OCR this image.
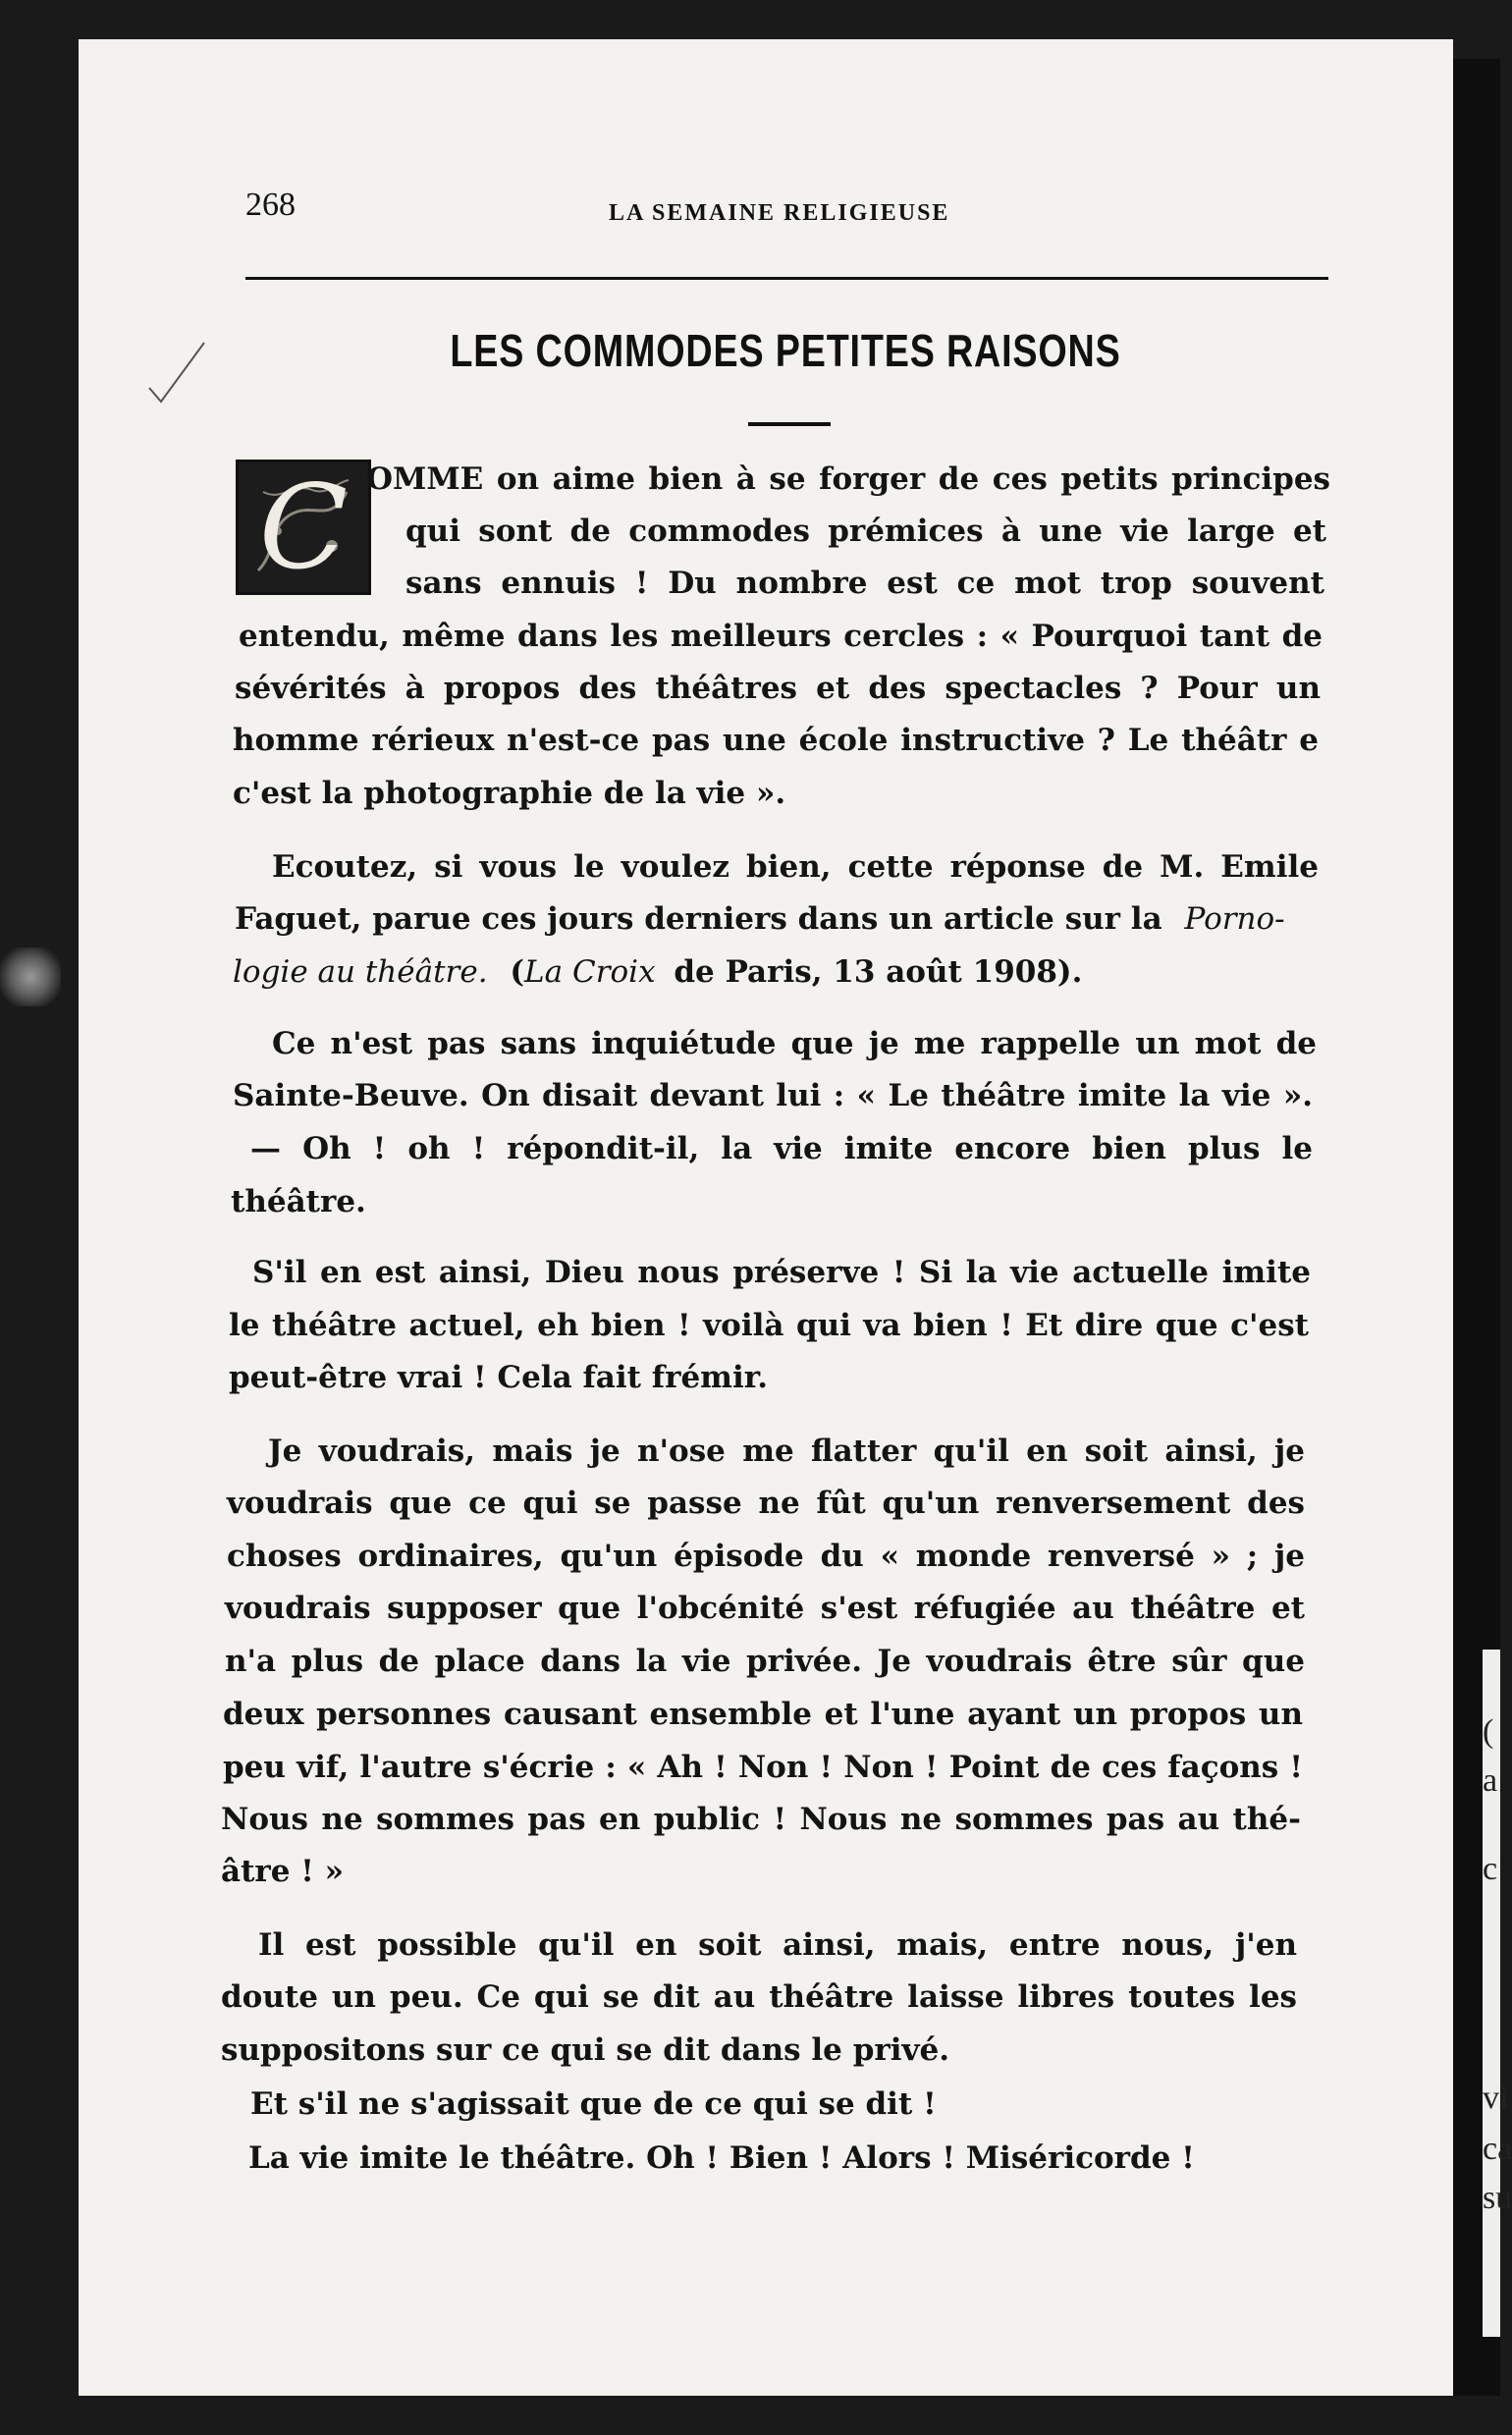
268	LA SEMAINE RELIGIEUSE
LES COMMODES PETITES RAISONS
C OMME on aime bien à se forger de ces petits principes
qui sont de commodes prémices à une vie large et
sans ennuis ! Du nombre est ce mot trop souvent
entendu, même dans les meilleurs cercles : « Pourquoi tant de
sévérités à propos des théâtres et des spectacles ? Pour un
homme rérieux n'est-ce pas une école instructive ? Le théâtr e
c'est la photographie de la vie ».
Ecoutez, si vous le voulez bien, cette réponse de M. Emile
Faguet, parue ces jours derniers dans un article sur la Porno-
logie au théâtre. (La Croix de Paris, 13 août 1908).
Ce n'est pas sans inquiétude que je me rappelle un mot de
Sainte-Beuve. On disait devant lui : « Le théâtre imite la vie ».
— Oh ! oh ! répondit-il, la vie imite encore bien plus le
théâtre.
S'il en est ainsi, Dieu nous préserve ! Si la vie actuelle imite
le théâtre actuel, eh bien ! voilà qui va bien ! Et dire que c'est
peut-être vrai ! Cela fait frémir.
Je voudrais, mais je n'ose me flatter qu'il en soit ainsi, je
voudrais que ce qui se passe ne fût qu'un renversement des
choses ordinaires, qu'un épisode du « monde renversé » ; je
voudrais supposer que l'obcénité s'est réfugiée au théâtre et
n'a plus de place dans la vie privée. Je voudrais être sûr que
deux personnes causant ensemble et l'une ayant un propos un
peu vif, l'autre s'écrie : « Ah ! Non ! Non ! Point de ces façons !
Nous ne sommes pas en public ! Nous ne sommes pas au thé-
âtre ! »
Il est possible qu'il en soit ainsi, mais, entre nous, j'en
doute un peu. Ce qui se dit au théâtre laisse libres toutes les
suppositons sur ce qui se dit dans le privé.
Et s'il ne s'agissait que de ce qui se dit !
La vie imite le théâtre. Oh ! Bien ! Alors ! Miséricorde !
(
a
c
vi
ca
su
